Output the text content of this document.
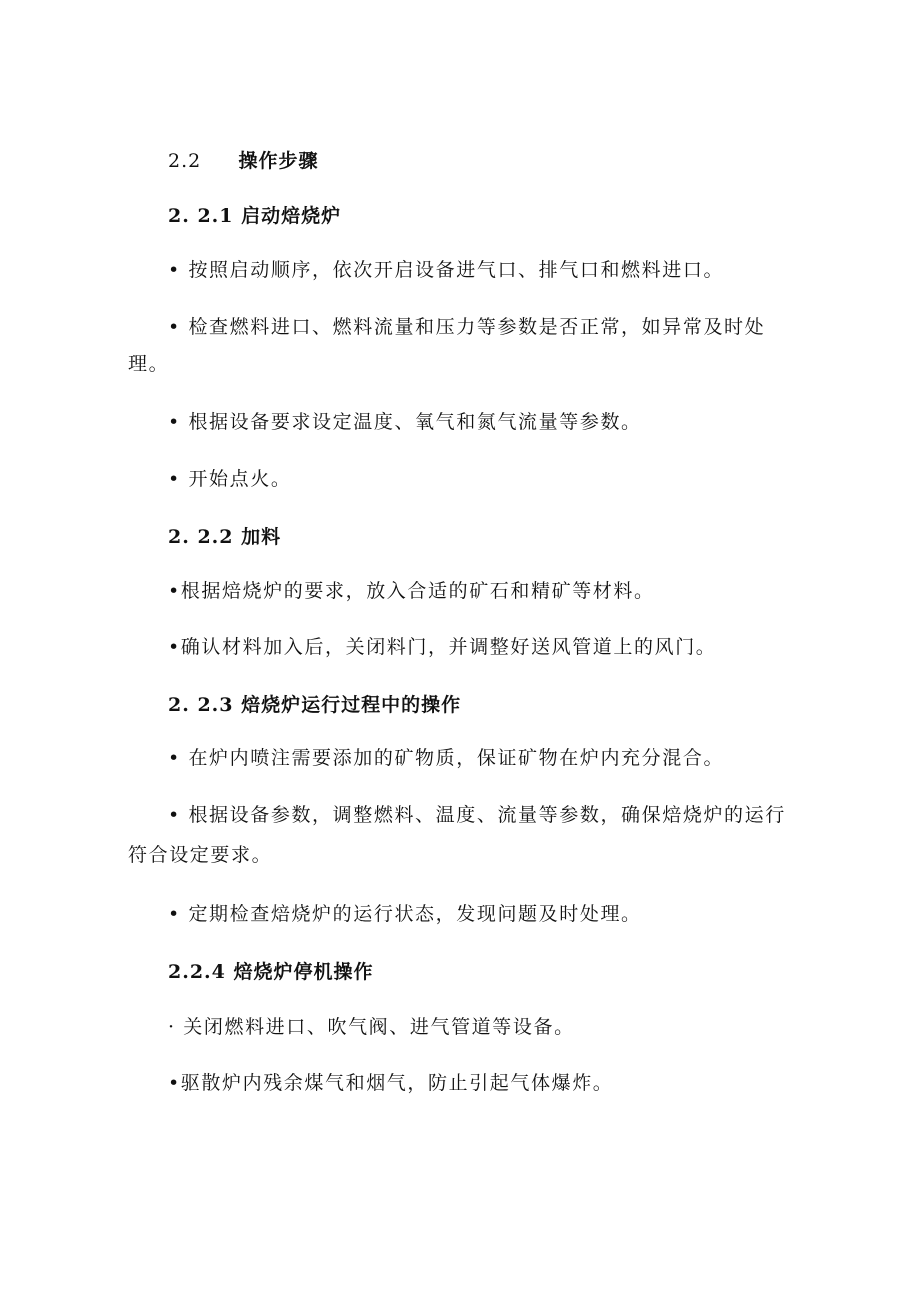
2.2 操作步骤
2. 2.1 启动焙烧炉
• 按照启动顺序，依次开启设备进气口、排气口和燃料进口。
• 检查燃料进口、燃料流量和压力等参数是否正常，如异常及时处
理。
• 根据设备要求设定温度、氧气和氮气流量等参数。
• 开始点火。
2. 2.2 加料
•根据焙烧炉的要求，放入合适的矿石和精矿等材料。
•确认材料加入后，关闭料门，并调整好送风管道上的风门。
2. 2.3 焙烧炉运行过程中的操作
• 在炉内喷注需要添加的矿物质，保证矿物在炉内充分混合。
• 根据设备参数，调整燃料、温度、流量等参数，确保焙烧炉的运行
符合设定要求。
• 定期检查焙烧炉的运行状态，发现问题及时处理。
2.2.4 焙烧炉停机操作
· 关闭燃料进口、吹气阀、进气管道等设备。
•驱散炉内残余煤气和烟气，防止引起气体爆炸。
